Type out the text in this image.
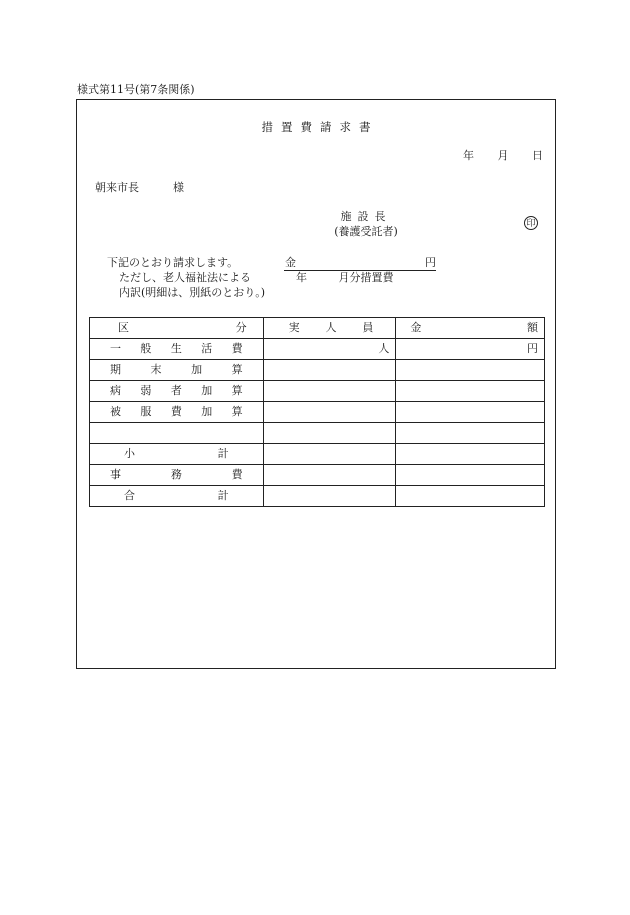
様式第11号(第7条関係)
措置費請求書
年 月 日
朝来市長	様
施設長
(養護受託者)
印
下記のとおり請求します。	金	円
ただし、老人福祉法による	年 月分措置費
内訳(明細は、別紙のとおり。)
区 分	実 人 員	金 額

一 般 生 活 費	人	円

期 末 加 算		

病 弱 者 加 算		

被 服 費 加 算		

小 計		

事 務 費		

合 計		
